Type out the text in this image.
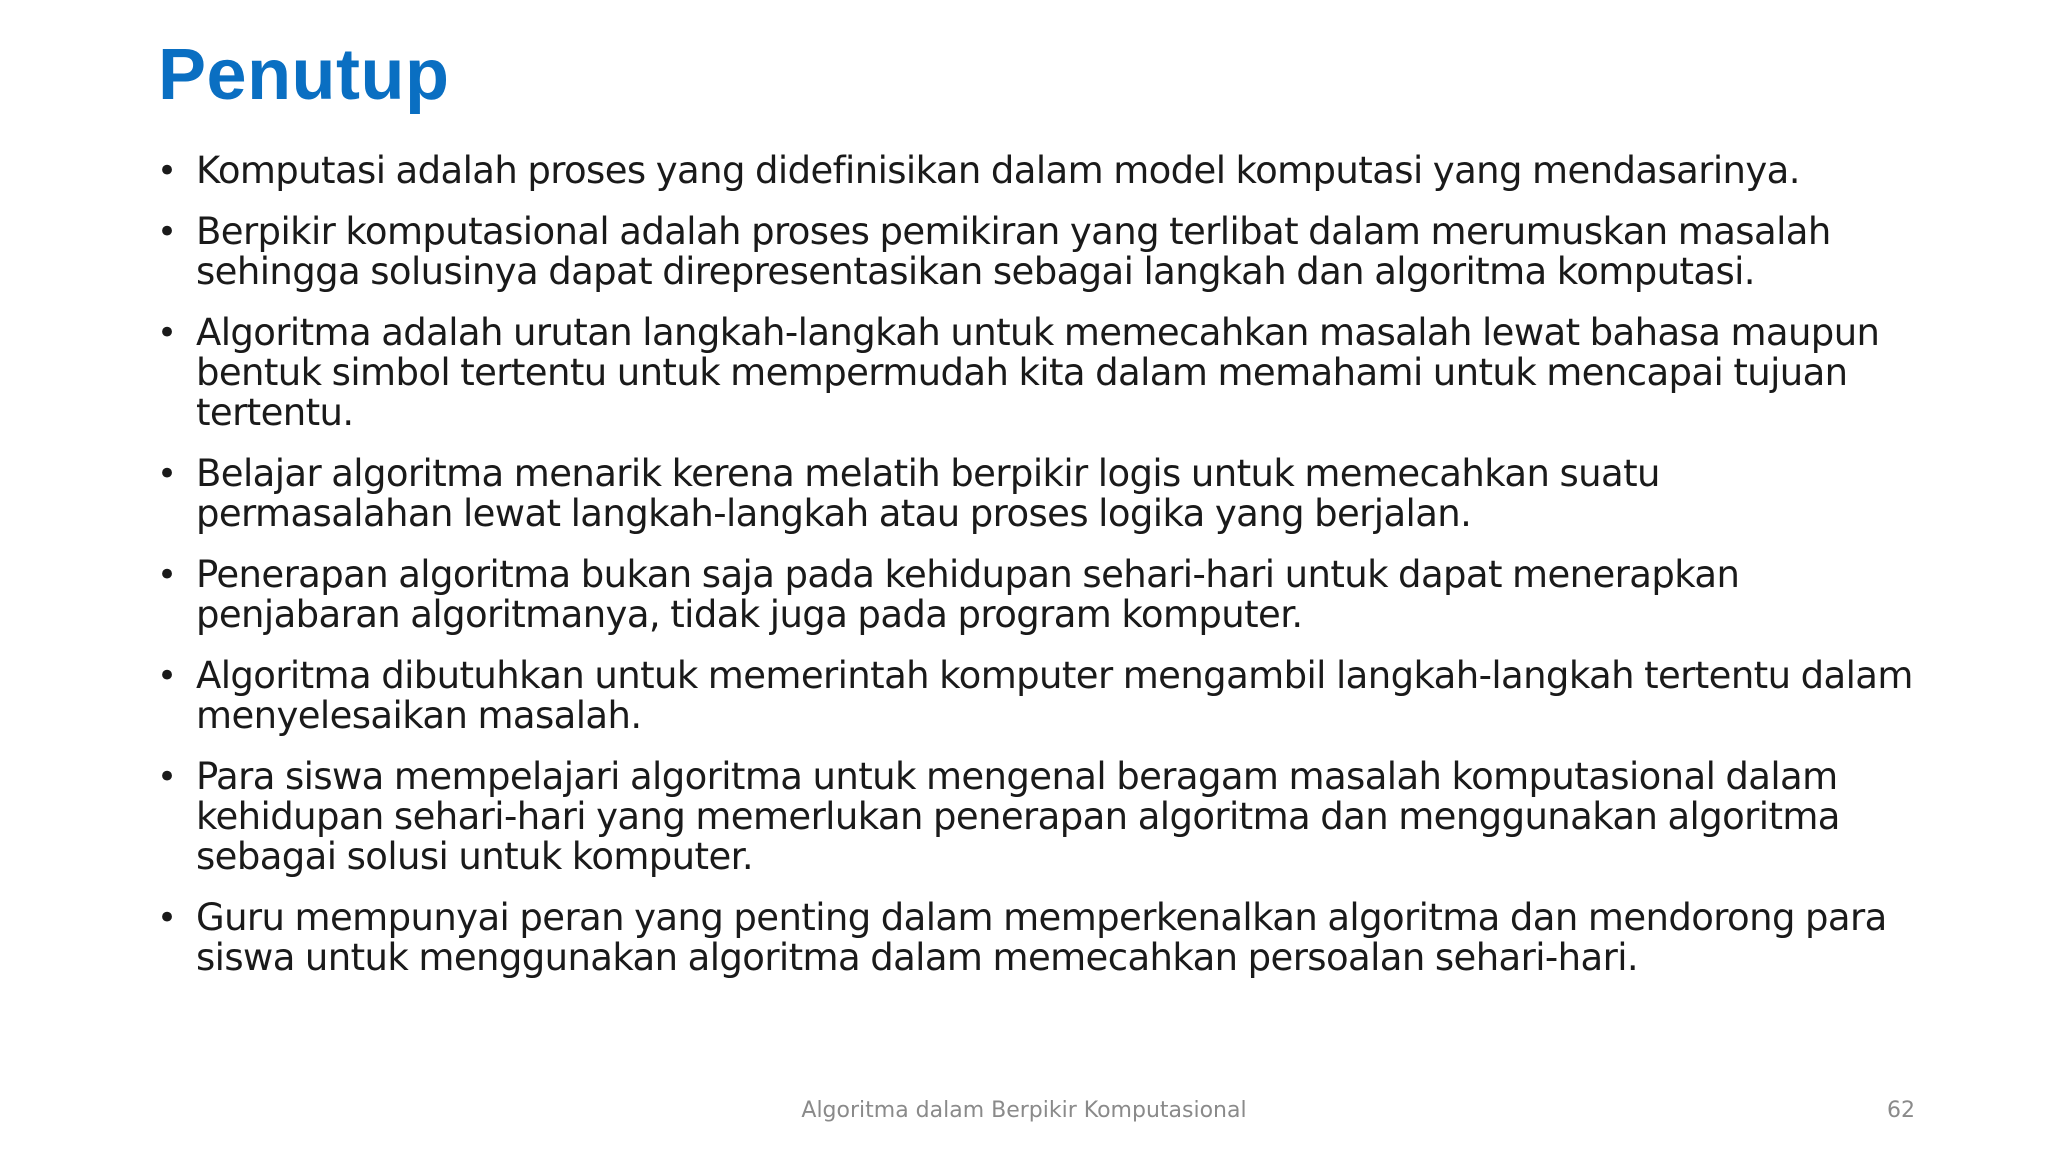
Penutup
• Komputasi adalah proses yang didefinisikan dalam model komputasi yang mendasarinya.
• Berpikir komputasional adalah proses pemikiran yang terlibat dalam merumuskan masalah sehingga solusinya dapat direpresentasikan sebagai langkah dan algoritma komputasi.
• Algoritma adalah urutan langkah-langkah untuk memecahkan masalah lewat bahasa maupun bentuk simbol tertentu untuk mempermudah kita dalam memahami untuk mencapai tujuan tertentu.
• Belajar algoritma menarik kerena melatih berpikir logis untuk memecahkan suatu permasalahan lewat langkah-langkah atau proses logika yang berjalan.
• Penerapan algoritma bukan saja pada kehidupan sehari-hari untuk dapat menerapkan penjabaran algoritmanya, tidak juga pada program komputer.
• Algoritma dibutuhkan untuk memerintah komputer mengambil langkah-langkah tertentu dalam menyelesaikan masalah.
• Para siswa mempelajari algoritma untuk mengenal beragam masalah komputasional dalam kehidupan sehari-hari yang memerlukan penerapan algoritma dan menggunakan algoritma sebagai solusi untuk komputer.
• Guru mempunyai peran yang penting dalam memperkenalkan algoritma dan mendorong para siswa untuk menggunakan algoritma dalam memecahkan persoalan sehari-hari.
Algoritma dalam Berpikir Komputasional	62
